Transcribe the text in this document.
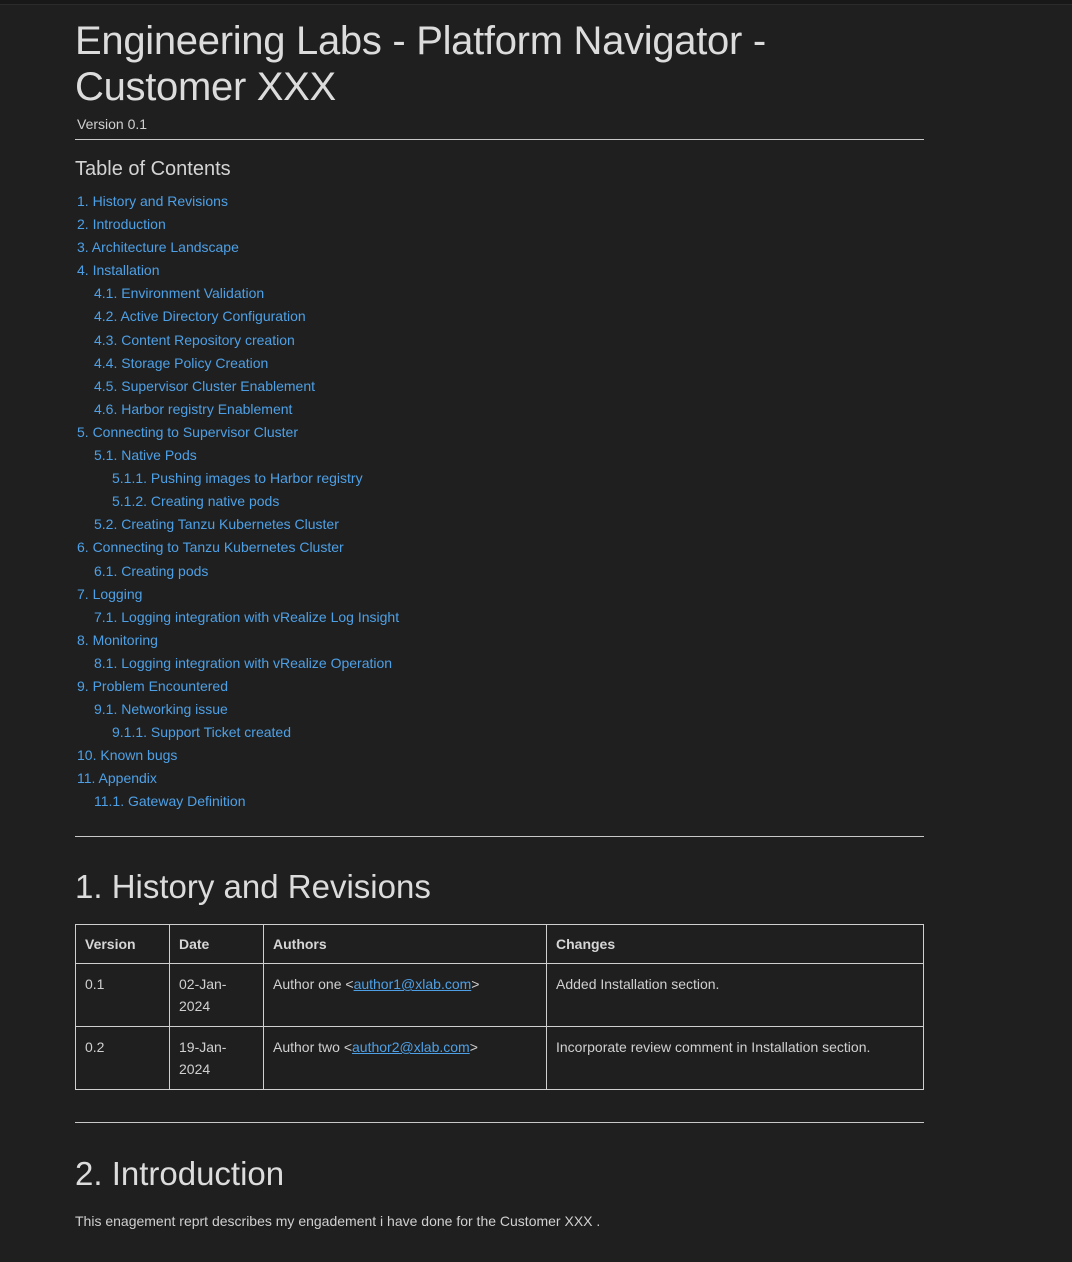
Engineering Labs - Platform Navigator - Customer XXX
Version 0.1
Table of Contents
1. History and Revisions
2. Introduction
3. Architecture Landscape
4. Installation
4.1. Environment Validation
4.2. Active Directory Configuration
4.3. Content Repository creation
4.4. Storage Policy Creation
4.5. Supervisor Cluster Enablement
4.6. Harbor registry Enablement
5. Connecting to Supervisor Cluster
5.1. Native Pods
5.1.1. Pushing images to Harbor registry
5.1.2. Creating native pods
5.2. Creating Tanzu Kubernetes Cluster
6. Connecting to Tanzu Kubernetes Cluster
6.1. Creating pods
7. Logging
7.1. Logging integration with vRealize Log Insight
8. Monitoring
8.1. Logging integration with vRealize Operation
9. Problem Encountered
9.1. Networking issue
9.1.1. Support Ticket created
10. Known bugs
11. Appendix
11.1. Gateway Definition
1. History and Revisions
Version	Date	Authors	Changes
0.1	02-Jan-2024	Author one <author1@xlab.com>	Added Installation section.
0.2	19-Jan-2024	Author two <author2@xlab.com>	Incorporate review comment in Installation section.
2. Introduction
This enagement reprt describes my engadement i have done for the Customer XXX .
